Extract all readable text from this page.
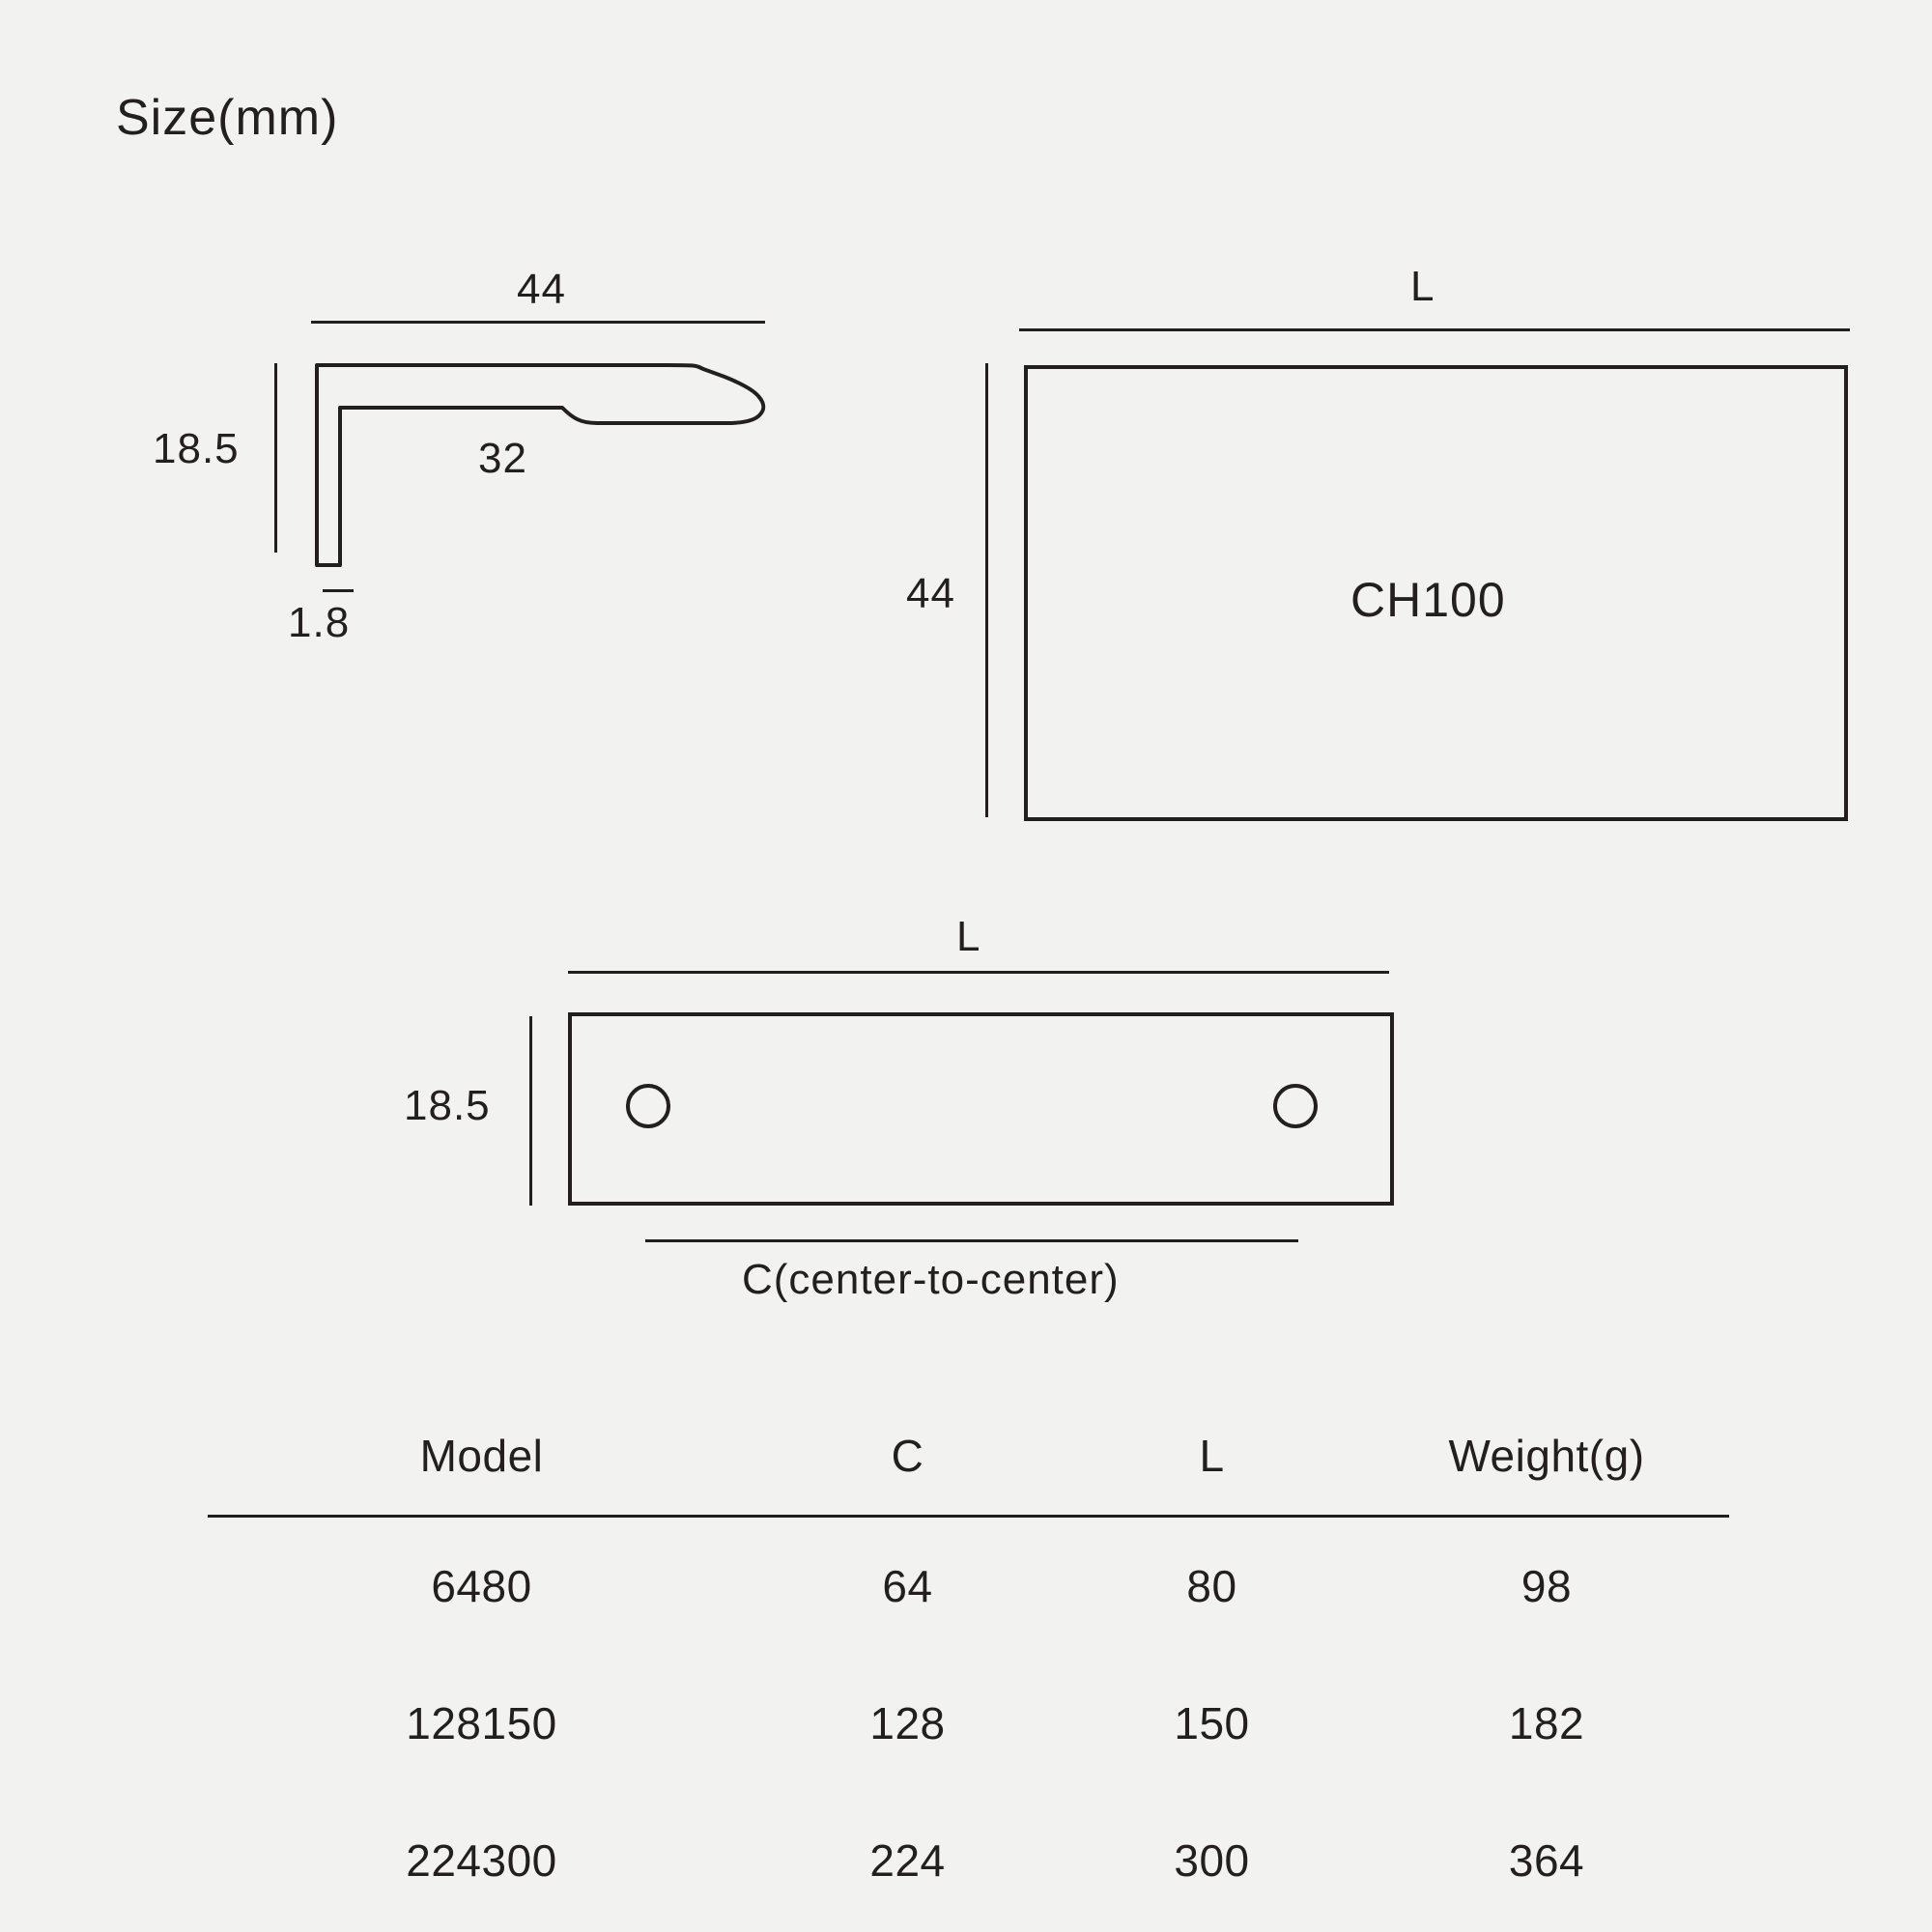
Size(mm)
44
18.5	32
1.8
L
44	CH100
L
18.5
C(center-to-center)
Model	C	L	Weight(g)
6480	64	80	98
128150	128	150	182
224300	224	300	364
